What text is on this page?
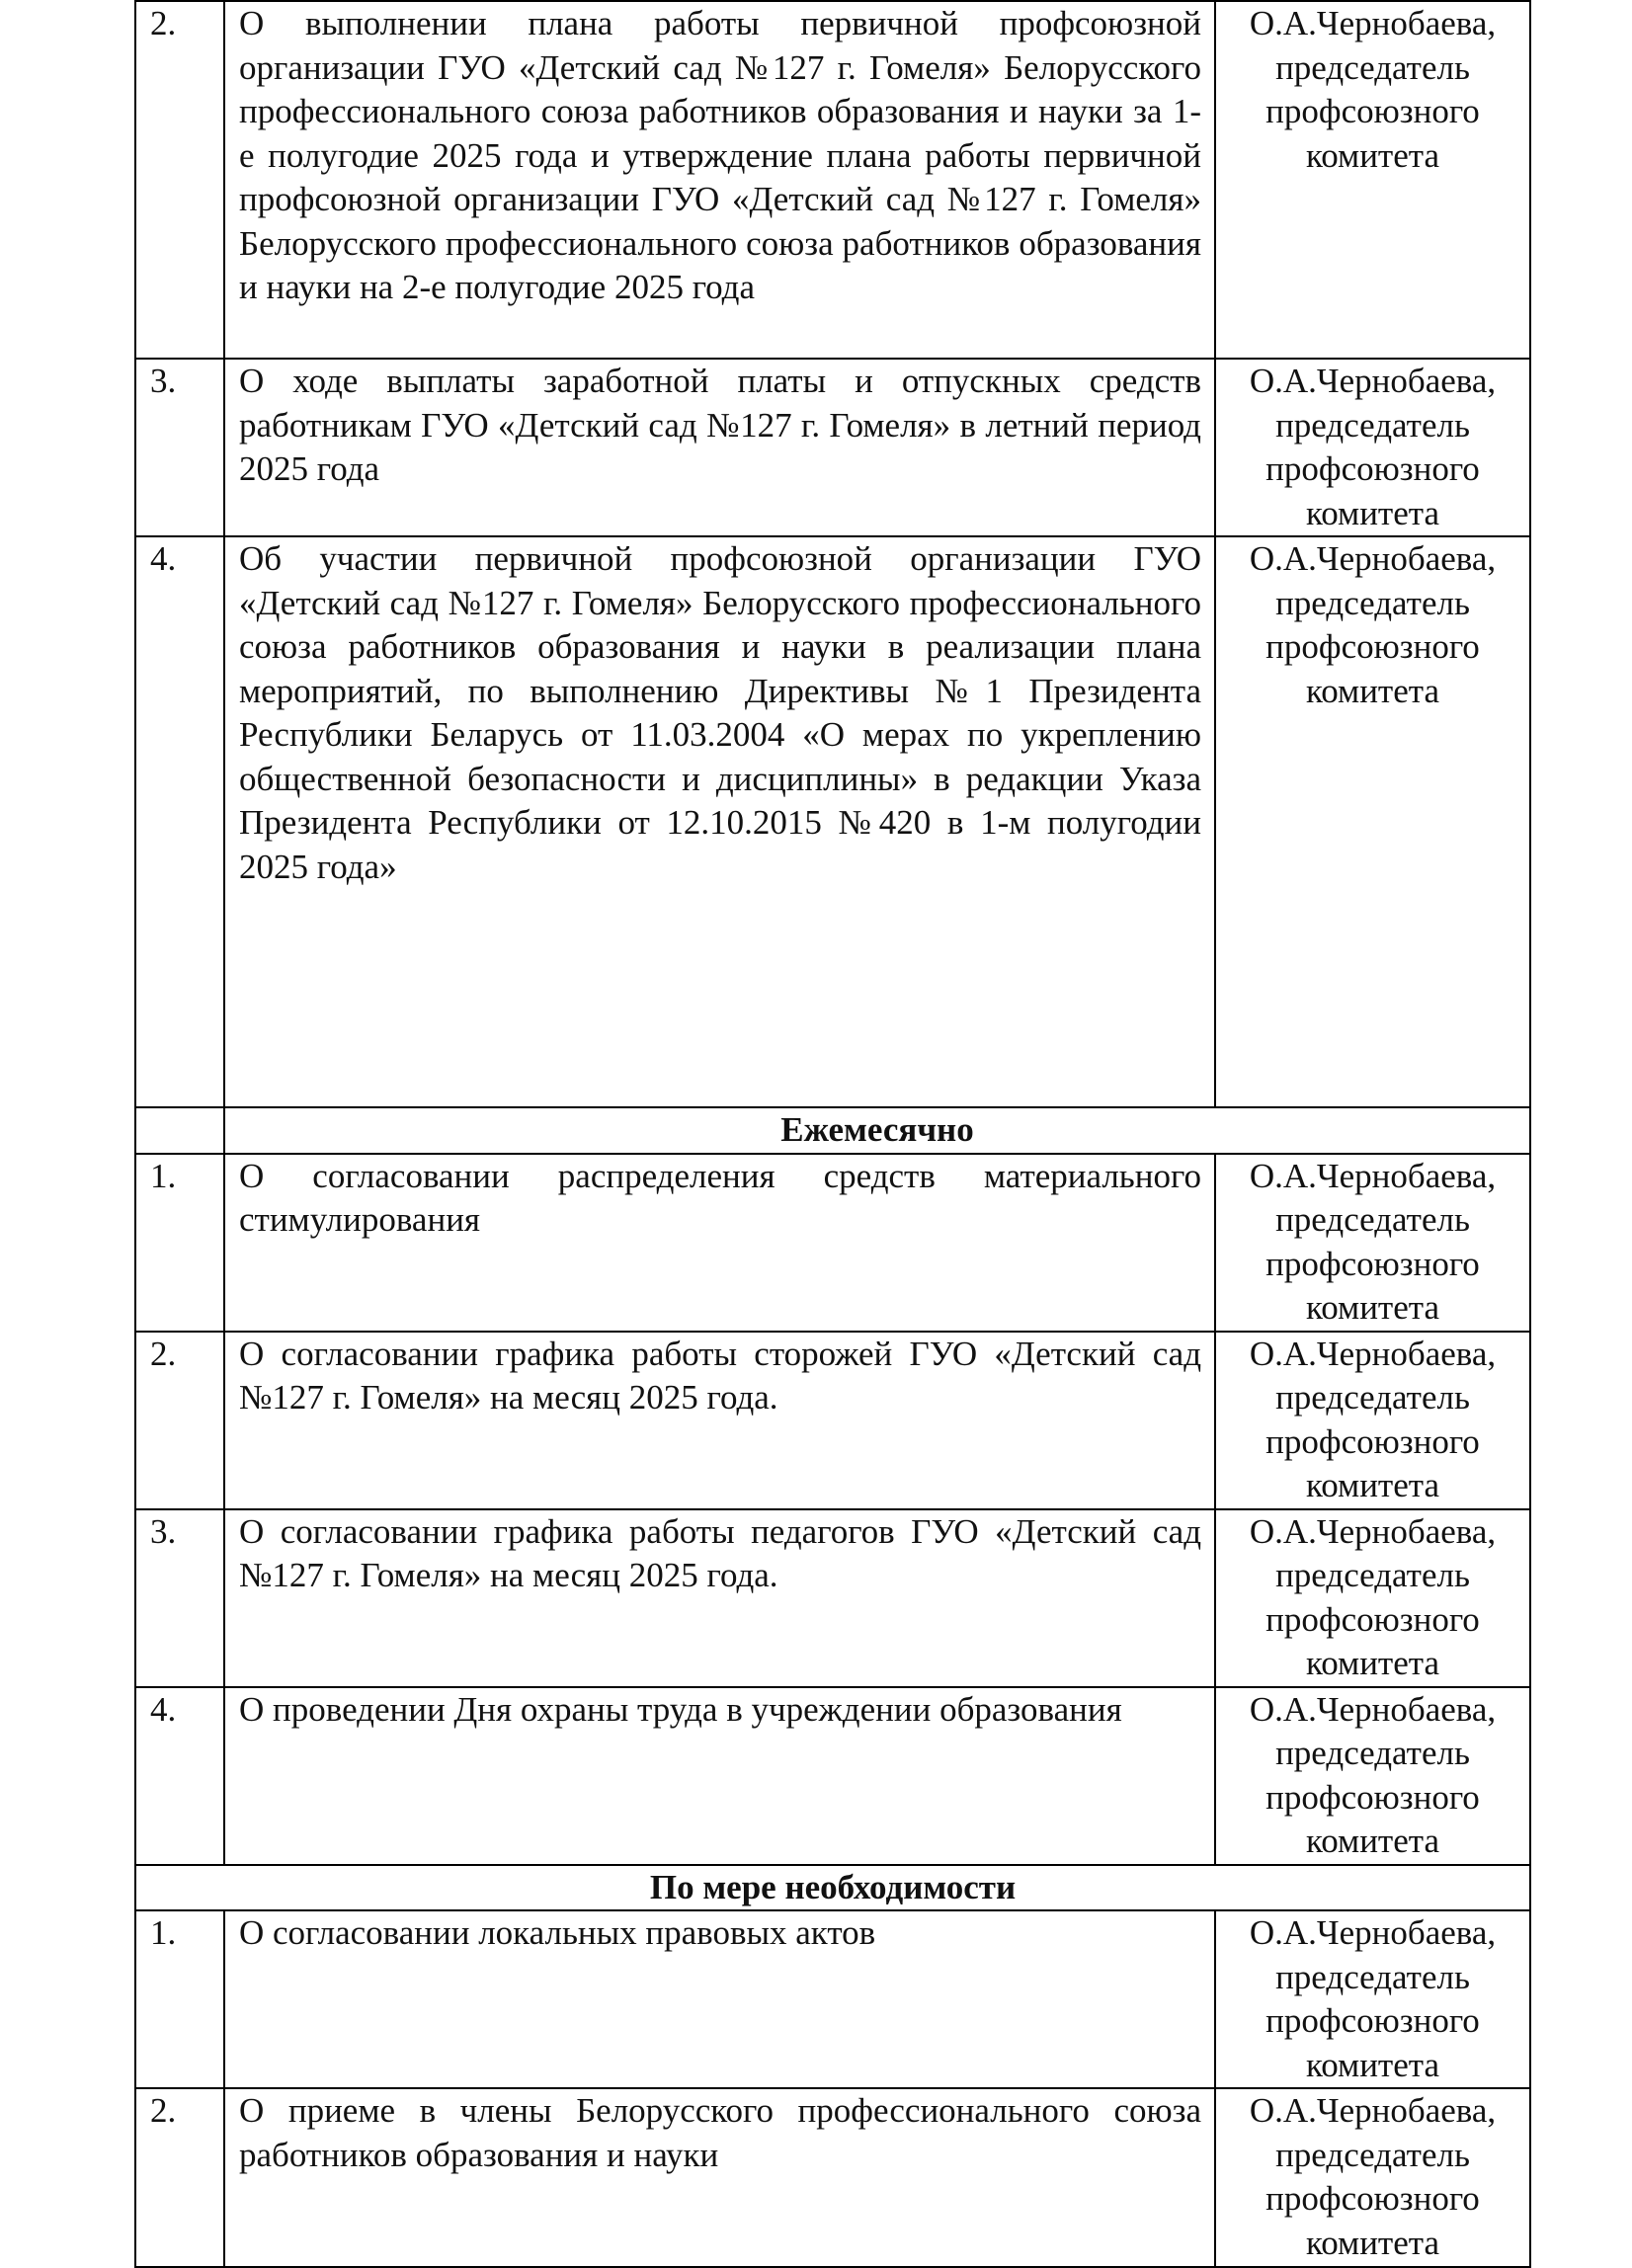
2.	О выполнении плана работы первичной профсоюзной организации ГУО «Детский сад №127 г. Гомеля» Белорусского профессионального союза работников образования и науки за 1-е полугодие 2025 года и утверждение плана работы первичной профсоюзной организации ГУО «Детский сад №127 г. Гомеля» Белорусского профессионального союза работников образования и науки на 2-е полугодие 2025 года	О.А.Чернобаева, председатель профсоюзного комитета
3.	О ходе выплаты заработной платы и отпускных средств работникам ГУО «Детский сад №127 г. Гомеля» в летний период 2025 года	О.А.Чернобаева, председатель профсоюзного комитета
4.	Об участии первичной профсоюзной организации ГУО «Детский сад №127 г. Гомеля» Белорусского профессионального союза работников образования и науки в реализации плана мероприятий, по выполнению Директивы №1 Президента Республики Беларусь от 11.03.2004 «О мерах по укреплению общественной безопасности и дисциплины» в редакции Указа Президента Республики от 12.10.2015 №420 в 1-м полугодии 2025 года»	О.А.Чернобаева, председатель профсоюзного комитета
	Ежемесячно	
1.	О согласовании распределения средств материального стимулирования	О.А.Чернобаева, председатель профсоюзного комитета
2.	О согласовании графика работы сторожей ГУО «Детский сад №127 г. Гомеля» на месяц 2025 года.	О.А.Чернобаева, председатель профсоюзного комитета
3.	О согласовании графика работы педагогов ГУО «Детский сад №127 г. Гомеля» на месяц 2025 года.	О.А.Чернобаева, председатель профсоюзного комитета
4.	О проведении Дня охраны труда в учреждении образования	О.А.Чернобаева, председатель профсоюзного комитета
По мере необходимости		
1.	О согласовании локальных правовых актов	О.А.Чернобаева, председатель профсоюзного комитета
2.	О приеме в члены Белорусского профессионального союза работников образования и науки	О.А.Чернобаева, председатель профсоюзного комитета
